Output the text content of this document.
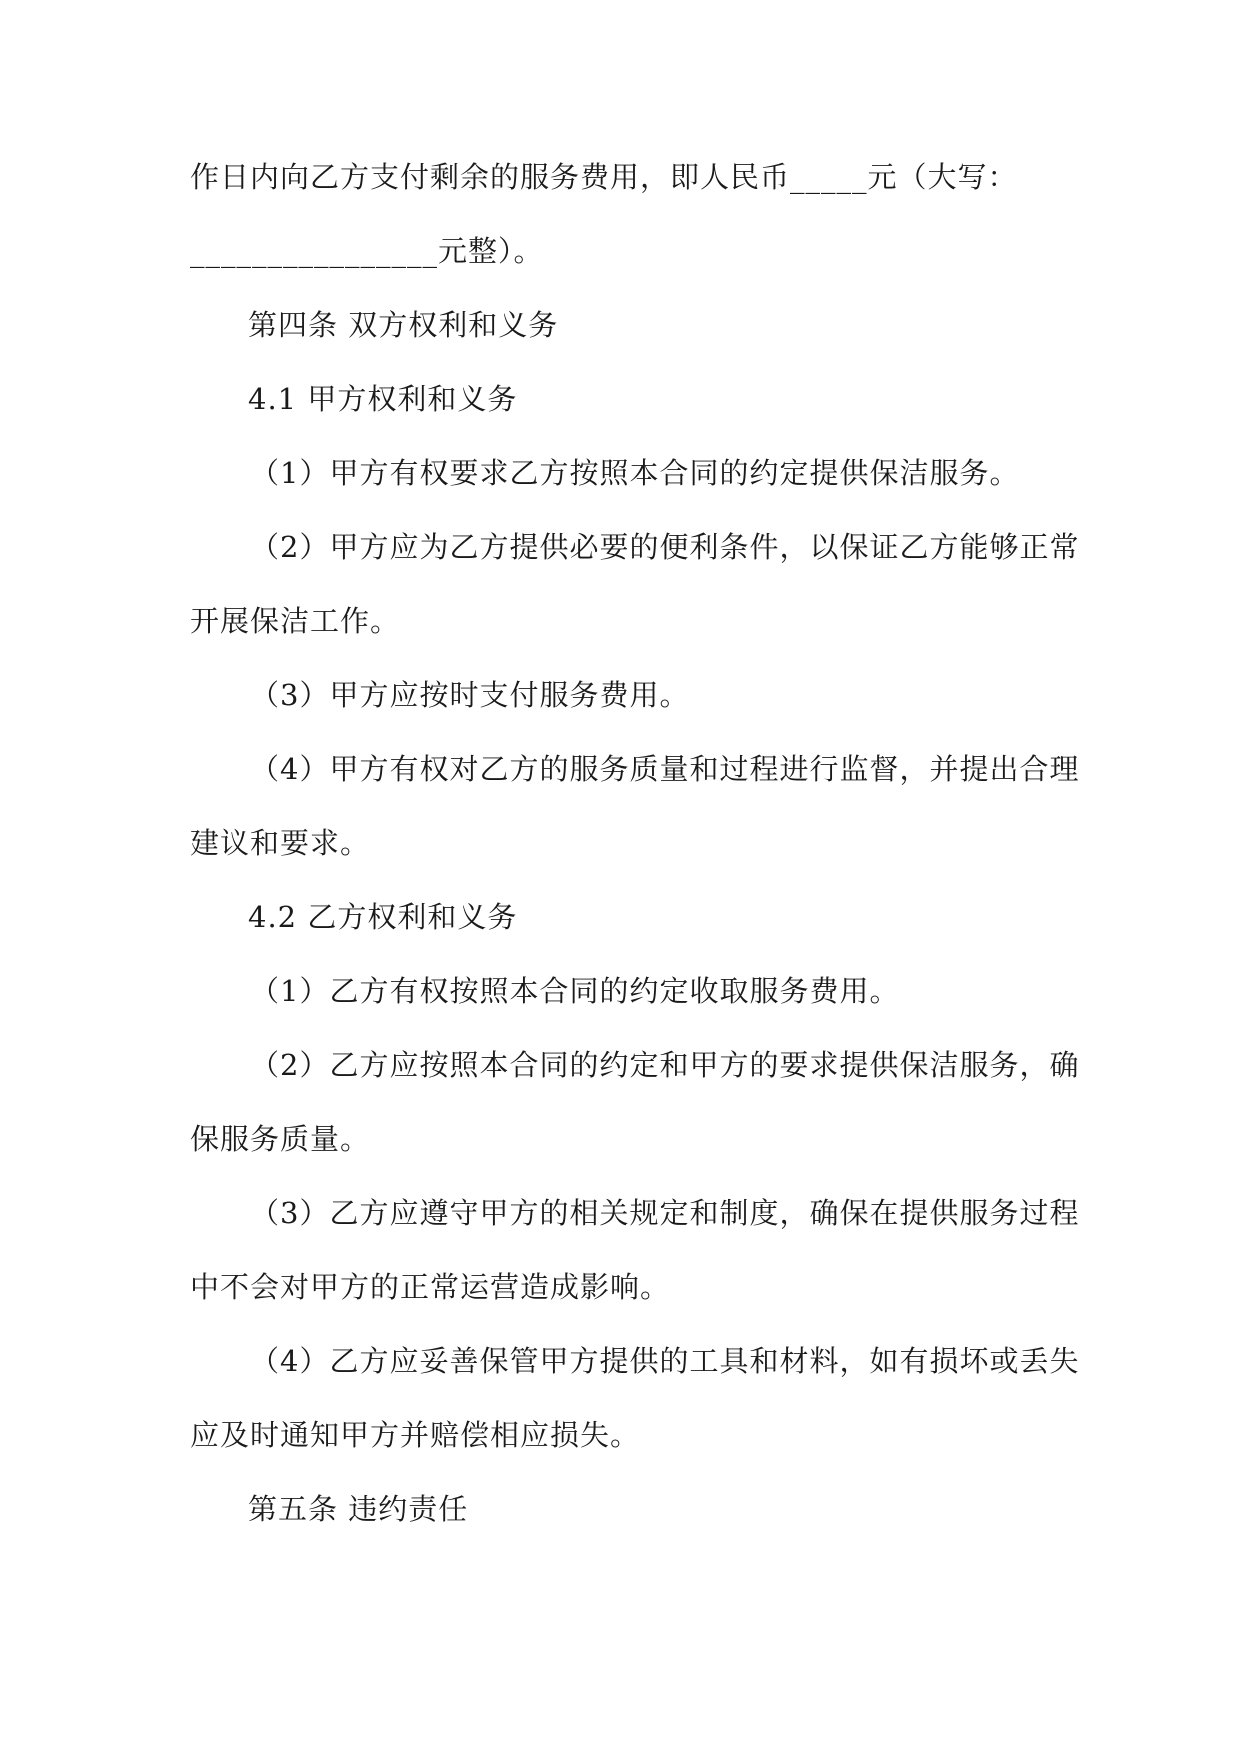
作日内向乙方支付剩余的服务费用，即人民币_____元（大写：
________________元整）。
第四条 双方权利和义务
4.1 甲方权利和义务
（1）甲方有权要求乙方按照本合同的约定提供保洁服务。
（2）甲方应为乙方提供必要的便利条件，以保证乙方能够正常
开展保洁工作。
（3）甲方应按时支付服务费用。
（4）甲方有权对乙方的服务质量和过程进行监督，并提出合理
建议和要求。
4.2 乙方权利和义务
（1）乙方有权按照本合同的约定收取服务费用。
（2）乙方应按照本合同的约定和甲方的要求提供保洁服务，确
保服务质量。
（3）乙方应遵守甲方的相关规定和制度，确保在提供服务过程
中不会对甲方的正常运营造成影响。
（4）乙方应妥善保管甲方提供的工具和材料，如有损坏或丢失
应及时通知甲方并赔偿相应损失。
第五条 违约责任
